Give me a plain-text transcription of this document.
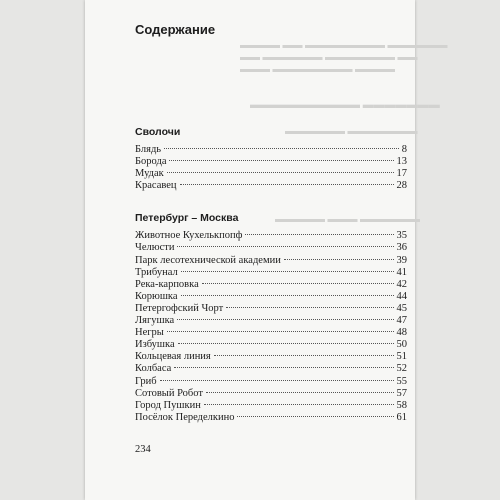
▬▬▬▬ ▬▬ ▬▬▬▬▬▬▬▬ ▬▬▬▬▬▬
▬▬ ▬▬▬▬▬▬ ▬▬▬▬▬▬▬ ▬▬
▬▬▬ ▬▬▬▬▬▬▬▬ ▬▬▬▬
▬▬▬▬▬▬▬▬▬▬ ▬▬▬▬▬▬▬
▬▬▬▬▬▬ ▬▬▬▬▬▬▬
▬▬▬▬▬ ▬▬▬ ▬▬▬▬▬▬
Содержание
Сволочи
Блядь	8
Борода	13
Мудак	17
Красавец	28
Петербург – Москва
Животное Кухелькпопф	35
Челюсти	36
Парк лесотехнической академии	39
Трибунал	41
Река-карповка	42
Корюшка	44
Петергофский Чорт	45
Лягушка	47
Негры	48
Избушка	50
Кольцевая линия	51
Колбаса	52
Гриб	55
Сотовый Робот	57
Город Пушкин	58
Посёлок Переделкино	61
234
